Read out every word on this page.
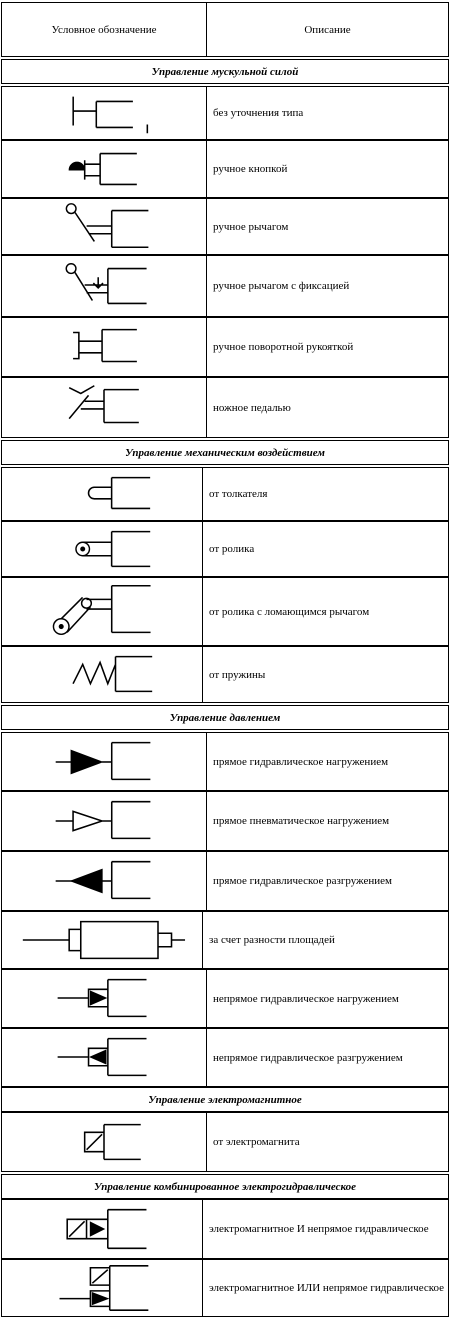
Условное обозначение	Описание
Управление мускульной силой
без уточнения типа
ручное кнопкой
ручное рычагом
ручное рычагом с фиксацией
ручное поворотной рукояткой
ножное педалью
Управление механическим воздействием
от толкателя
от ролика
от ролика с ломающимся рычагом
от пружины
Управление давлением
прямое гидравлическое нагружением
прямое пневматическое нагружением
прямое гидравлическое разгружением
за счет разности площадей
непрямое гидравлическое нагружением
непрямое гидравлическое разгружением
Управление электромагнитное
от электромагнита
Управление комбинированное электрогидравлическое
электромагнитное И непрямое гидравлическое
электромагнитное ИЛИ непрямое гидравлическое
